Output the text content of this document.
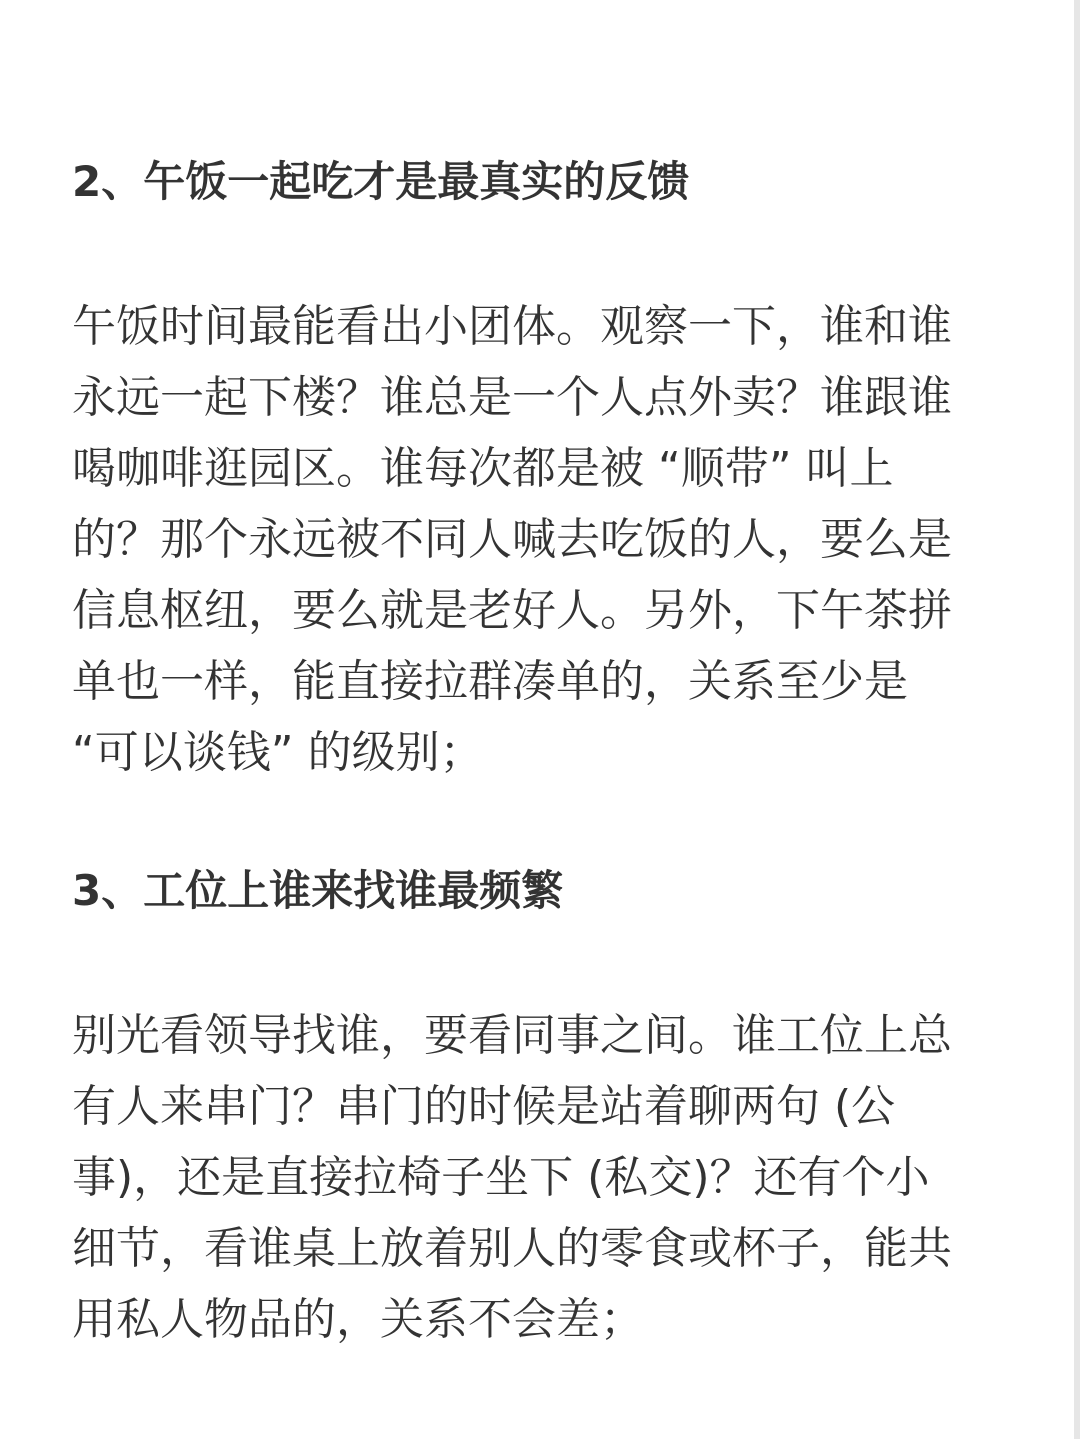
2、午饭一起吃才是最真实的反馈
午饭时间最能看出小团体。观察一下，谁和谁
永远一起下楼？谁总是一个人点外卖？谁跟谁
喝咖啡逛园区。谁每次都是被 “顺带” 叫上
的？那个永远被不同人喊去吃饭的人，要么是
信息枢纽，要么就是老好人。另外，下午茶拼
单也一样，能直接拉群凑单的，关系至少是
“可以谈钱” 的级别；
3、工位上谁来找谁最频繁
别光看领导找谁，要看同事之间。谁工位上总
有人来串门？串门的时候是站着聊两句 (公
事)，还是直接拉椅子坐下 (私交)？还有个小
细节，看谁桌上放着别人的零食或杯子，能共
用私人物品的，关系不会差；
